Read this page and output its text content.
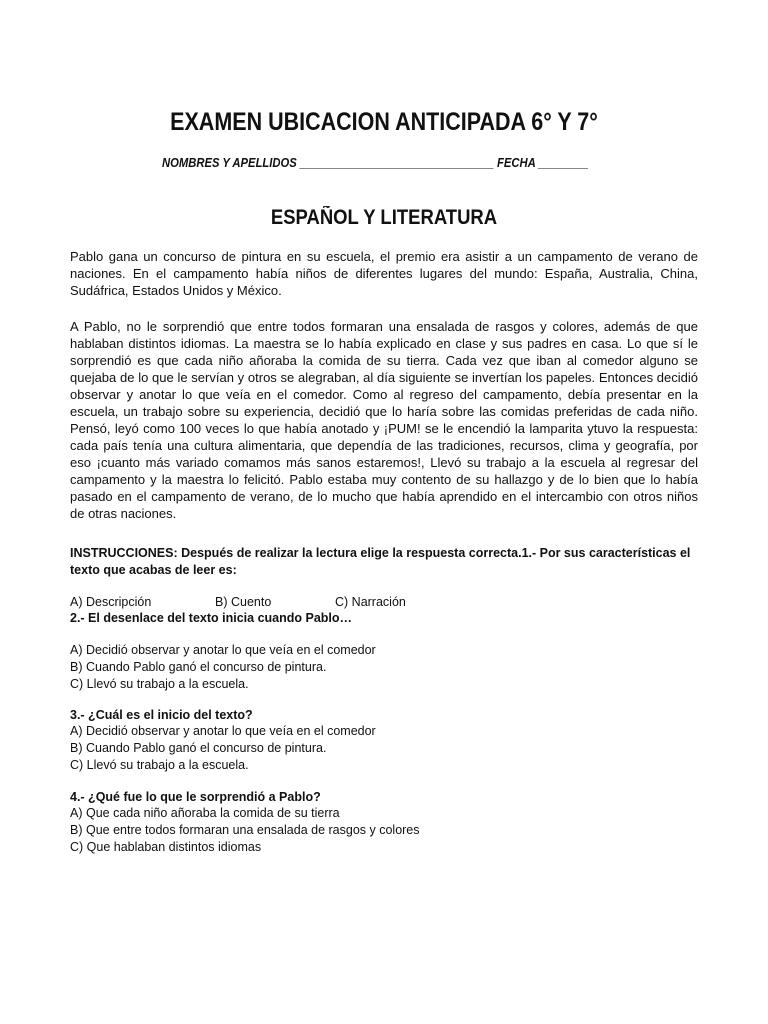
EXAMEN UBICACION ANTICIPADA 6° Y 7°
NOMBRES Y APELLIDOS _______________________________ FECHA ________
ESPAÑOL Y LITERATURA
Pablo gana un concurso de pintura en su escuela, el premio era asistir a un campamento de verano de naciones. En el campamento había niños de diferentes lugares del mundo: España, Australia, China, Sudáfrica, Estados Unidos y México.
A Pablo, no le sorprendió que entre todos formaran una ensalada de rasgos y colores, además de que hablaban distintos idiomas. La maestra se lo había explicado en clase y sus padres en casa. Lo que sí le sorprendió es que cada niño añoraba la comida de su tierra. Cada vez que iban al comedor alguno se quejaba de lo que le servían y otros se alegraban, al día siguiente se invertían los papeles. Entonces decidió observar y anotar lo que veía en el comedor. Como al regreso del campamento, debía presentar en la escuela, un trabajo sobre su experiencia, decidió que lo haría sobre las comidas preferidas de cada niño. Pensó, leyó como 100 veces lo que había anotado y ¡PUM! se le encendió la lamparita ytuvo la respuesta: cada país tenía una cultura alimentaria, que dependía de las tradiciones, recursos, clima y geografía, por eso ¡cuanto más variado comamos más sanos estaremos!, Llevó su trabajo a la escuela al regresar del campamento y la maestra lo felicitó. Pablo estaba muy contento de su hallazgo y de lo bien que lo había pasado en el campamento de verano, de lo mucho que había aprendido en el intercambio con otros niños de otras naciones.
INSTRUCCIONES: Después de realizar la lectura elige la respuesta correcta.1.- Por sus características el texto que acabas de leer es:
A) Descripción	B) Cuento	C) Narración
2.- El desenlace del texto inicia cuando Pablo…
A) Decidió observar y anotar lo que veía en el comedor
B) Cuando Pablo ganó el concurso de pintura.
C) Llevó su trabajo a la escuela.
3.- ¿Cuál es el inicio del texto?
A) Decidió observar y anotar lo que veía en el comedor
B) Cuando Pablo ganó el concurso de pintura.
C) Llevó su trabajo a la escuela.
4.- ¿Qué fue lo que le sorprendió a Pablo?
A) Que cada niño añoraba la comida de su tierra
B) Que entre todos formaran una ensalada de rasgos y colores
C) Que hablaban distintos idiomas
